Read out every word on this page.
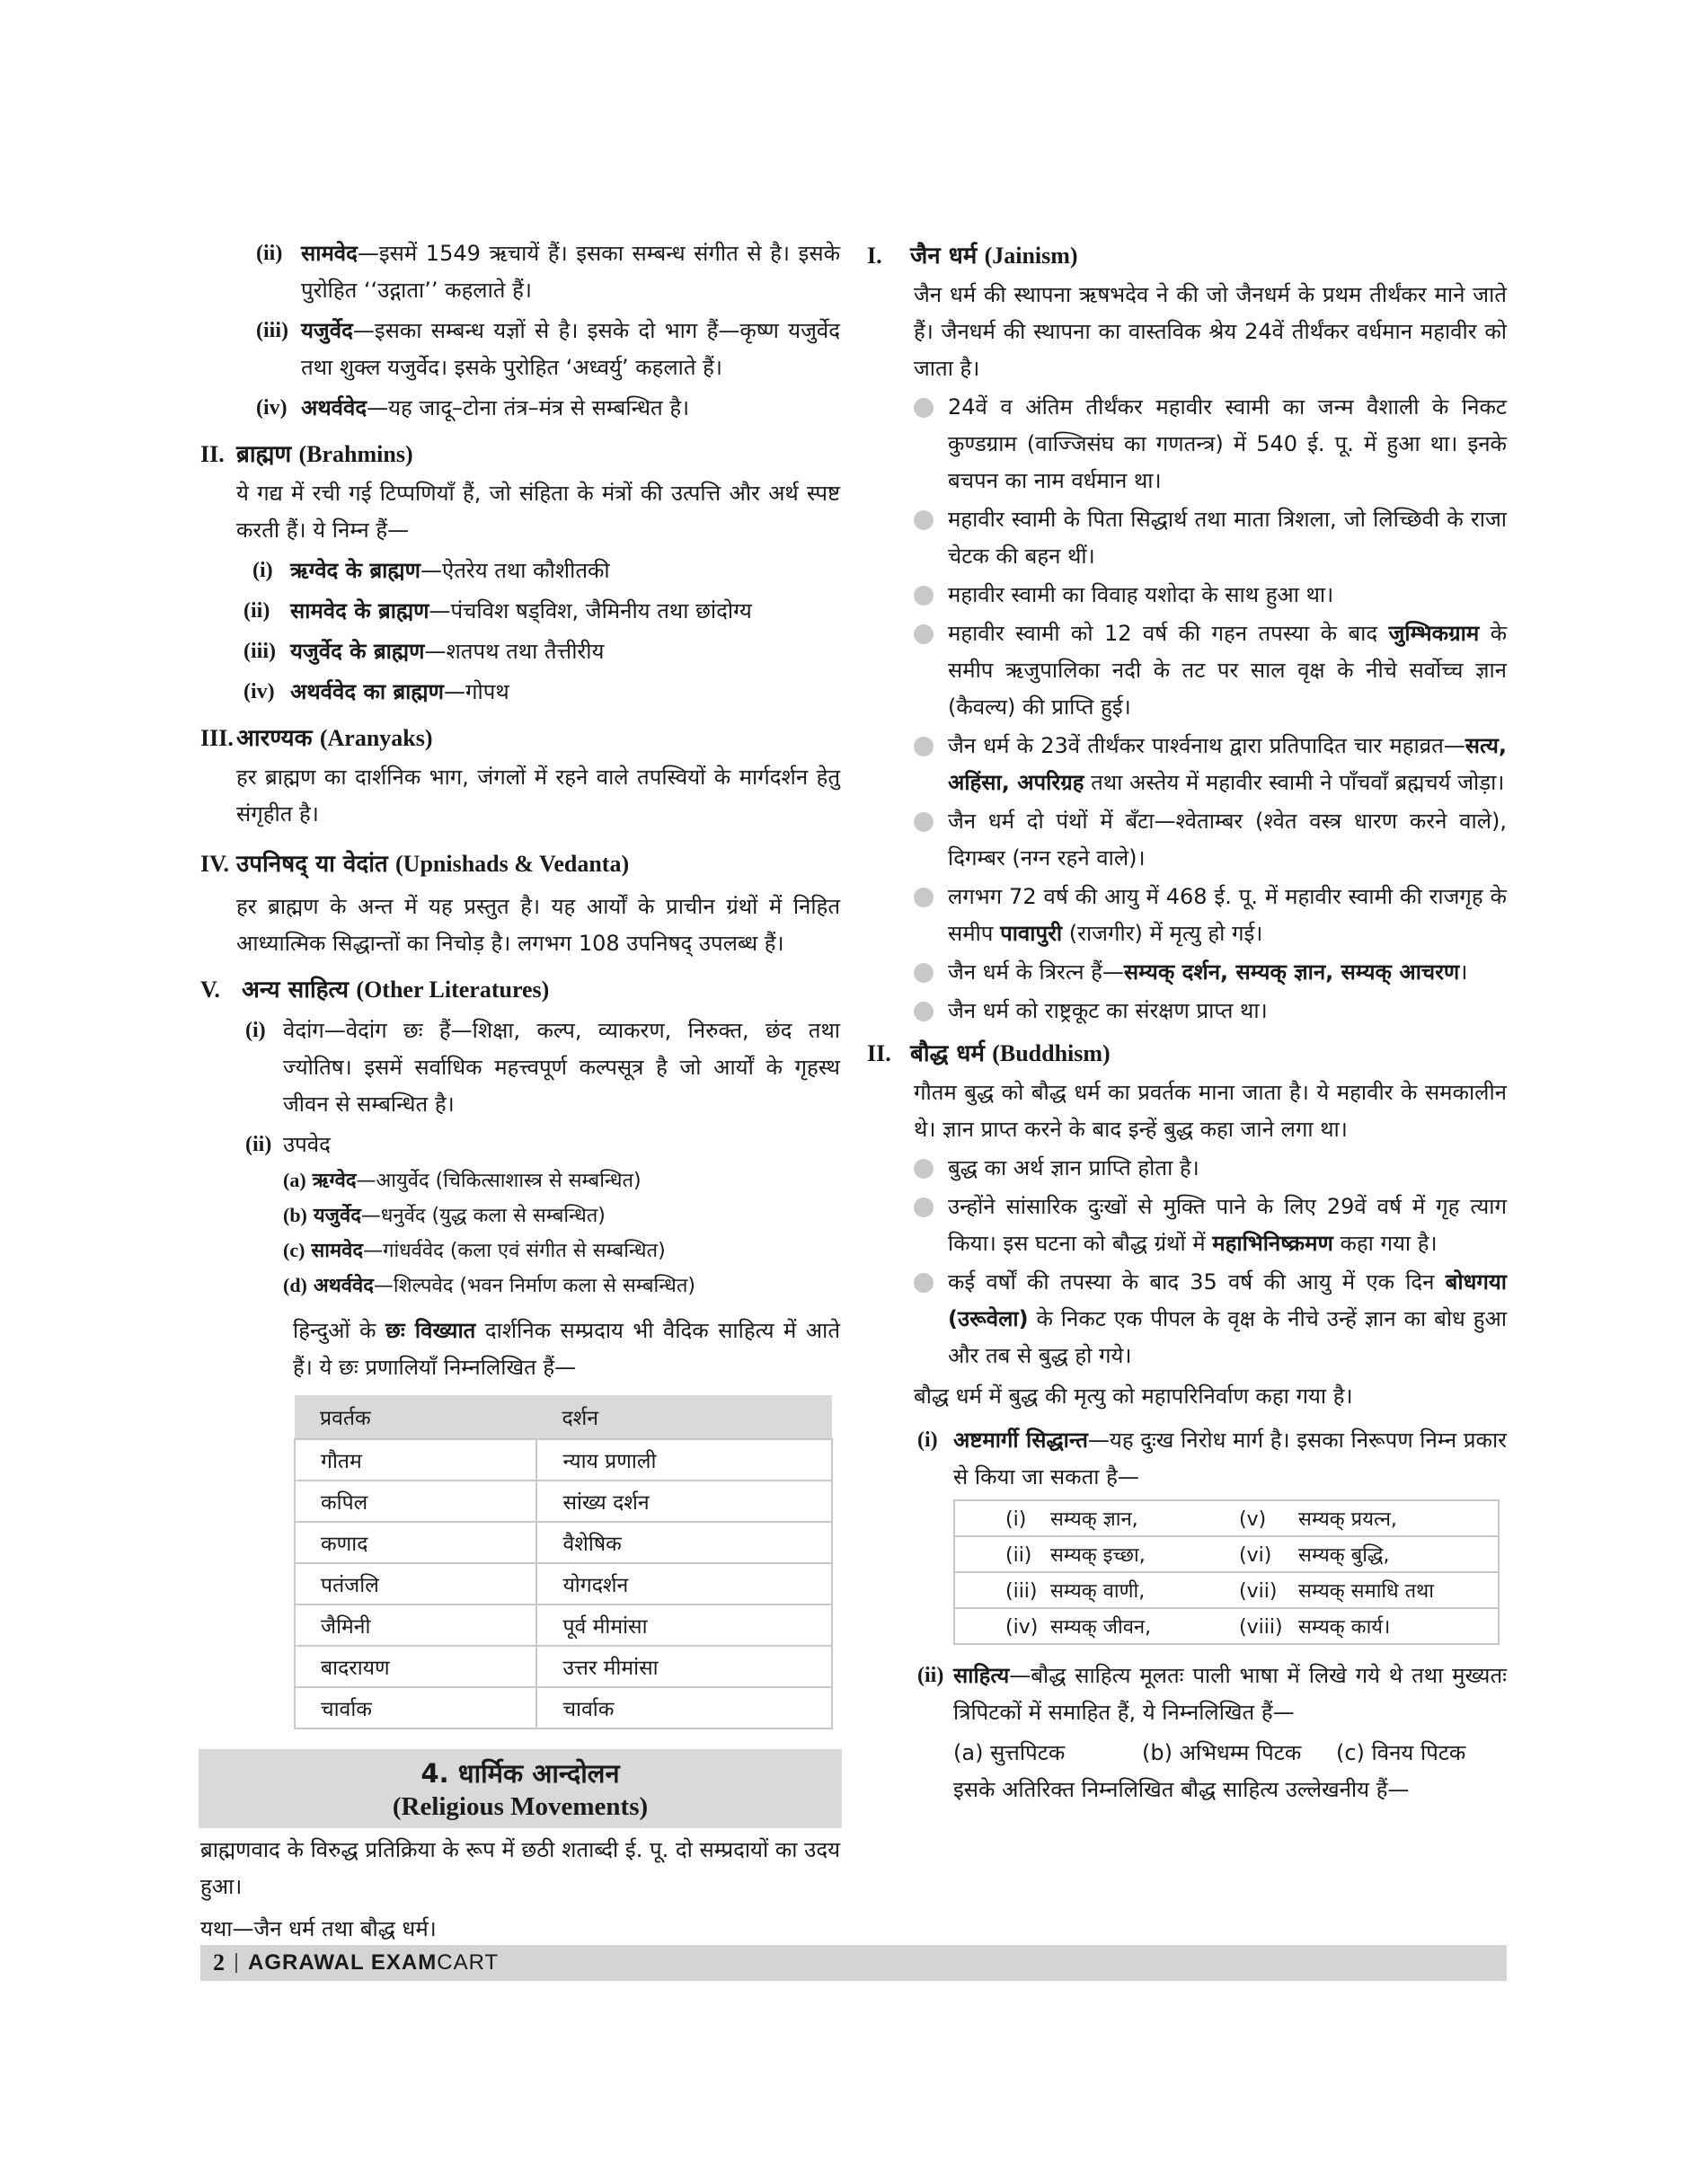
(ii) सामवेद—इसमें 1549 ऋचायें हैं। इसका सम्बन्ध संगीत से है। इसके पुरोहित ‘‘उद्गाता’’ कहलाते हैं।
(iii) यजुर्वेद—इसका सम्बन्ध यज्ञों से है। इसके दो भाग हैं—कृष्ण यजुर्वेद तथा शुक्ल यजुर्वेद। इसके पुरोहित ‘अध्वर्यु’ कहलाते हैं।
(iv) अथर्ववेद—यह जादू–टोना तंत्र–मंत्र से सम्बन्धित है।
II. ब्राह्मण (Brahmins)

ये गद्य में रची गई टिप्पणियाँ हैं, जो संहिता के मंत्रों की उत्पत्ति और अर्थ स्पष्ट करती हैं। ये निम्न हैं—

(i) ऋग्वेद के ब्राह्मण—ऐतरेय तथा कौशीतकी
(ii) सामवेद के ब्राह्मण—पंचविश षड्विश, जैमिनीय तथा छांदोग्य
(iii) यजुर्वेद के ब्राह्मण—शतपथ तथा तैत्तीरीय
(iv) अथर्ववेद का ब्राह्मण—गोपथ
III. आरण्यक (Aranyaks)

हर ब्राह्मण का दार्शनिक भाग, जंगलों में रहने वाले तपस्वियों के मार्गदर्शन हेतु संगृहीत है।

IV. उपनिषद् या वेदांत (Upnishads & Vedanta)

हर ब्राह्मण के अन्त में यह प्रस्तुत है। यह आर्यों के प्राचीन ग्रंथों में निहित आध्यात्मिक सिद्धान्तों का निचोड़ है। लगभग 108 उपनिषद् उपलब्ध हैं।

V. अन्य साहित्य (Other Literatures)
(i) वेदांग—वेदांग छः हैं—शिक्षा, कल्प, व्याकरण, निरुक्त, छंद तथा ज्योतिष। इसमें सर्वाधिक महत्त्वपूर्ण कल्पसूत्र है जो आर्यों के गृहस्थ जीवन से सम्बन्धित है।
(ii) उपवेद

(a) ऋग्वेद—आयुर्वेद (चिकित्साशास्त्र से सम्बन्धित)

(b) यजुर्वेद—धनुर्वेद (युद्ध कला से सम्बन्धित)

(c) सामवेद—गांधर्ववेद (कला एवं संगीत से सम्बन्धित)

(d) अथर्ववेद—शिल्पवेद (भवन निर्माण कला से सम्बन्धित)

हिन्दुओं के छः विख्यात दार्शनिक सम्प्रदाय भी वैदिक साहित्य में आते हैं। ये छः प्रणालियाँ निम्नलिखित हैं—

प्रवर्तक	दर्शन
गौतम	न्याय प्रणाली
कपिल	सांख्य दर्शन
कणाद	वैशेषिक
पतंजलि	योगदर्शन
जैमिनी	पूर्व मीमांसा
बादरायण	उत्तर मीमांसा
चार्वाक	चार्वाक
4. धार्मिक आन्दोलन
(Religious Movements)

ब्राह्मणवाद के विरुद्ध प्रतिक्रिया के रूप में छठी शताब्दी ई. पू. दो सम्प्रदायों का उदय हुआ।

यथा—जैन धर्म तथा बौद्ध धर्म।

I.	जैन धर्म (Jainism)

जैन धर्म की स्थापना ऋषभदेव ने की जो जैनधर्म के प्रथम तीर्थंकर माने जाते हैं। जैनधर्म की स्थापना का वास्तविक श्रेय 24वें तीर्थंकर वर्धमान महावीर को जाता है।

24वें व अंतिम तीर्थंकर महावीर स्वामी का जन्म वैशाली के निकट कुण्डग्राम (वाज्जिसंघ का गणतन्त्र) में 540 ई. पू. में हुआ था। इनके बचपन का नाम वर्धमान था।
महावीर स्वामी के पिता सिद्धार्थ तथा माता त्रिशला, जो लिच्छिवी के राजा चेटक की बहन थीं।
महावीर स्वामी का विवाह यशोदा के साथ हुआ था।
महावीर स्वामी को 12 वर्ष की गहन तपस्या के बाद जुम्भिकग्राम के समीप ऋजुपालिका नदी के तट पर साल वृक्ष के नीचे सर्वोच्च ज्ञान (कैवल्य) की प्राप्ति हुई।
जैन धर्म के 23वें तीर्थंकर पार्श्वनाथ द्वारा प्रतिपादित चार महाव्रत—सत्य, अहिंसा, अपरिग्रह तथा अस्तेय में महावीर स्वामी ने पाँचवाँ ब्रह्मचर्य जोड़ा।
जैन धर्म दो पंथों में बँटा—श्वेताम्बर (श्वेत वस्त्र धारण करने वाले), दिगम्बर (नग्न रहने वाले)।
लगभग 72 वर्ष की आयु में 468 ई. पू. में महावीर स्वामी की राजगृह के समीप पावापुरी (राजगीर) में मृत्यु हो गई।
जैन धर्म के त्रिरत्न हैं—सम्यक् दर्शन, सम्यक् ज्ञान, सम्यक् आचरण।
जैन धर्म को राष्ट्रकूट का संरक्षण प्राप्त था।
II. बौद्ध धर्म (Buddhism)

गौतम बुद्ध को बौद्ध धर्म का प्रवर्तक माना जाता है। ये महावीर के समकालीन थे। ज्ञान प्राप्त करने के बाद इन्हें बुद्ध कहा जाने लगा था।

बुद्ध का अर्थ ज्ञान प्राप्ति होता है।
उन्होंने सांसारिक दुःखों से मुक्ति पाने के लिए 29वें वर्ष में गृह त्याग किया। इस घटना को बौद्ध ग्रंथों में महाभिनिष्क्रमण कहा गया है।
कई वर्षों की तपस्या के बाद 35 वर्ष की आयु में एक दिन बोधगया (उरूवेला) के निकट एक पीपल के वृक्ष के नीचे उन्हें ज्ञान का बोध हुआ और तब से बुद्ध हो गये।

बौद्ध धर्म में बुद्ध की मृत्यु को महापरिनिर्वाण कहा गया है।

(i) अष्टमार्गी सिद्धान्त—यह दुःख निरोध मार्ग है। इसका निरूपण निम्न प्रकार से किया जा सकता है—
(i) सम्यक् ज्ञान,	(v) सम्यक् प्रयत्न,
(ii) सम्यक् इच्छा,	(vi) सम्यक् बुद्धि,
(iii) सम्यक् वाणी,	(vii) सम्यक् समाधि तथा
(iv) सम्यक् जीवन,	(viii) सम्यक् कार्य।
(ii) साहित्य—बौद्ध साहित्य मूलतः पाली भाषा में लिखे गये थे तथा मुख्यतः त्रिपिटकों में समाहित हैं, ये निम्नलिखित हैं—
(a) सुत्तपिटक	(b) अभिधम्म पिटक	(c) विनय पिटक

इसके अतिरिक्त निम्नलिखित बौद्ध साहित्य उल्लेखनीय हैं—

2 AGRAWAL EXAMCART
